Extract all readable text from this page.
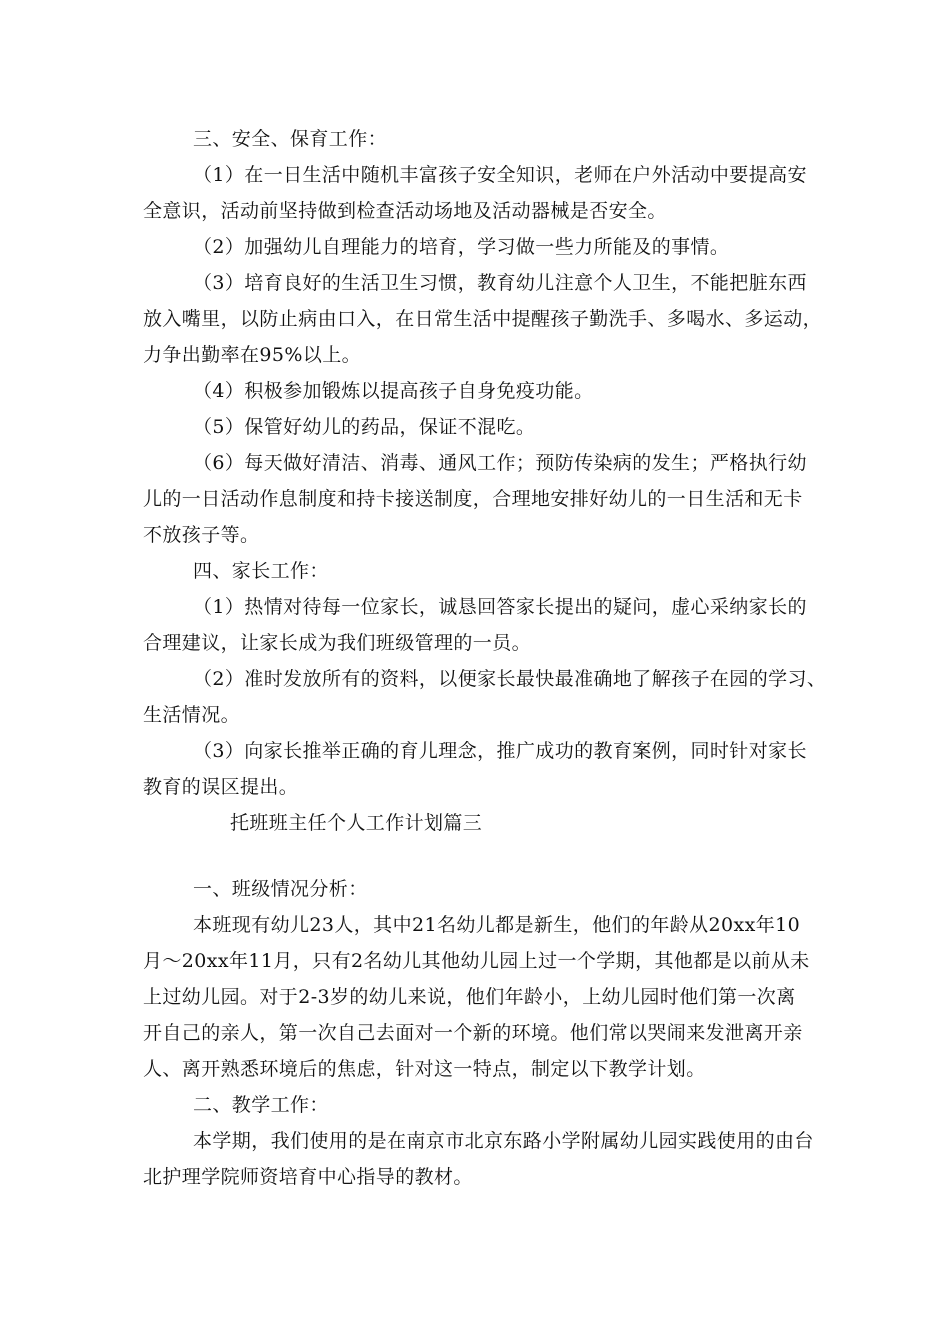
三、安全、保育工作：
（1）在一日生活中随机丰富孩子安全知识，老师在户外活动中要提高安
全意识，活动前坚持做到检查活动场地及活动器械是否安全。
（2）加强幼儿自理能力的培育，学习做一些力所能及的事情。
（3）培育良好的生活卫生习惯，教育幼儿注意个人卫生，不能把脏东西
放入嘴里，以防止病由口入，在日常生活中提醒孩子勤洗手、多喝水、多运动，
力争出勤率在95%以上。
（4）积极参加锻炼以提高孩子自身免疫功能。
（5）保管好幼儿的药品，保证不混吃。
（6）每天做好清洁、消毒、通风工作；预防传染病的发生；严格执行幼
儿的一日活动作息制度和持卡接送制度，合理地安排好幼儿的一日生活和无卡
不放孩子等。
四、家长工作：
（1）热情对待每一位家长，诚恳回答家长提出的疑问，虚心采纳家长的
合理建议，让家长成为我们班级管理的一员。
（2）准时发放所有的资料，以便家长最快最准确地了解孩子在园的学习、
生活情况。
（3）向家长推举正确的育儿理念，推广成功的教育案例，同时针对家长
教育的误区提出。
托班班主任个人工作计划篇三
一、班级情况分析：
本班现有幼儿23人，其中21名幼儿都是新生，他们的年龄从20xx年10
月～20xx年11月，只有2名幼儿其他幼儿园上过一个学期，其他都是以前从未
上过幼儿园。对于2-3岁的幼儿来说，他们年龄小，上幼儿园时他们第一次离
开自己的亲人，第一次自己去面对一个新的环境。他们常以哭闹来发泄离开亲
人、离开熟悉环境后的焦虑，针对这一特点，制定以下教学计划。
二、教学工作：
本学期，我们使用的是在南京市北京东路小学附属幼儿园实践使用的由台
北护理学院师资培育中心指导的教材。
